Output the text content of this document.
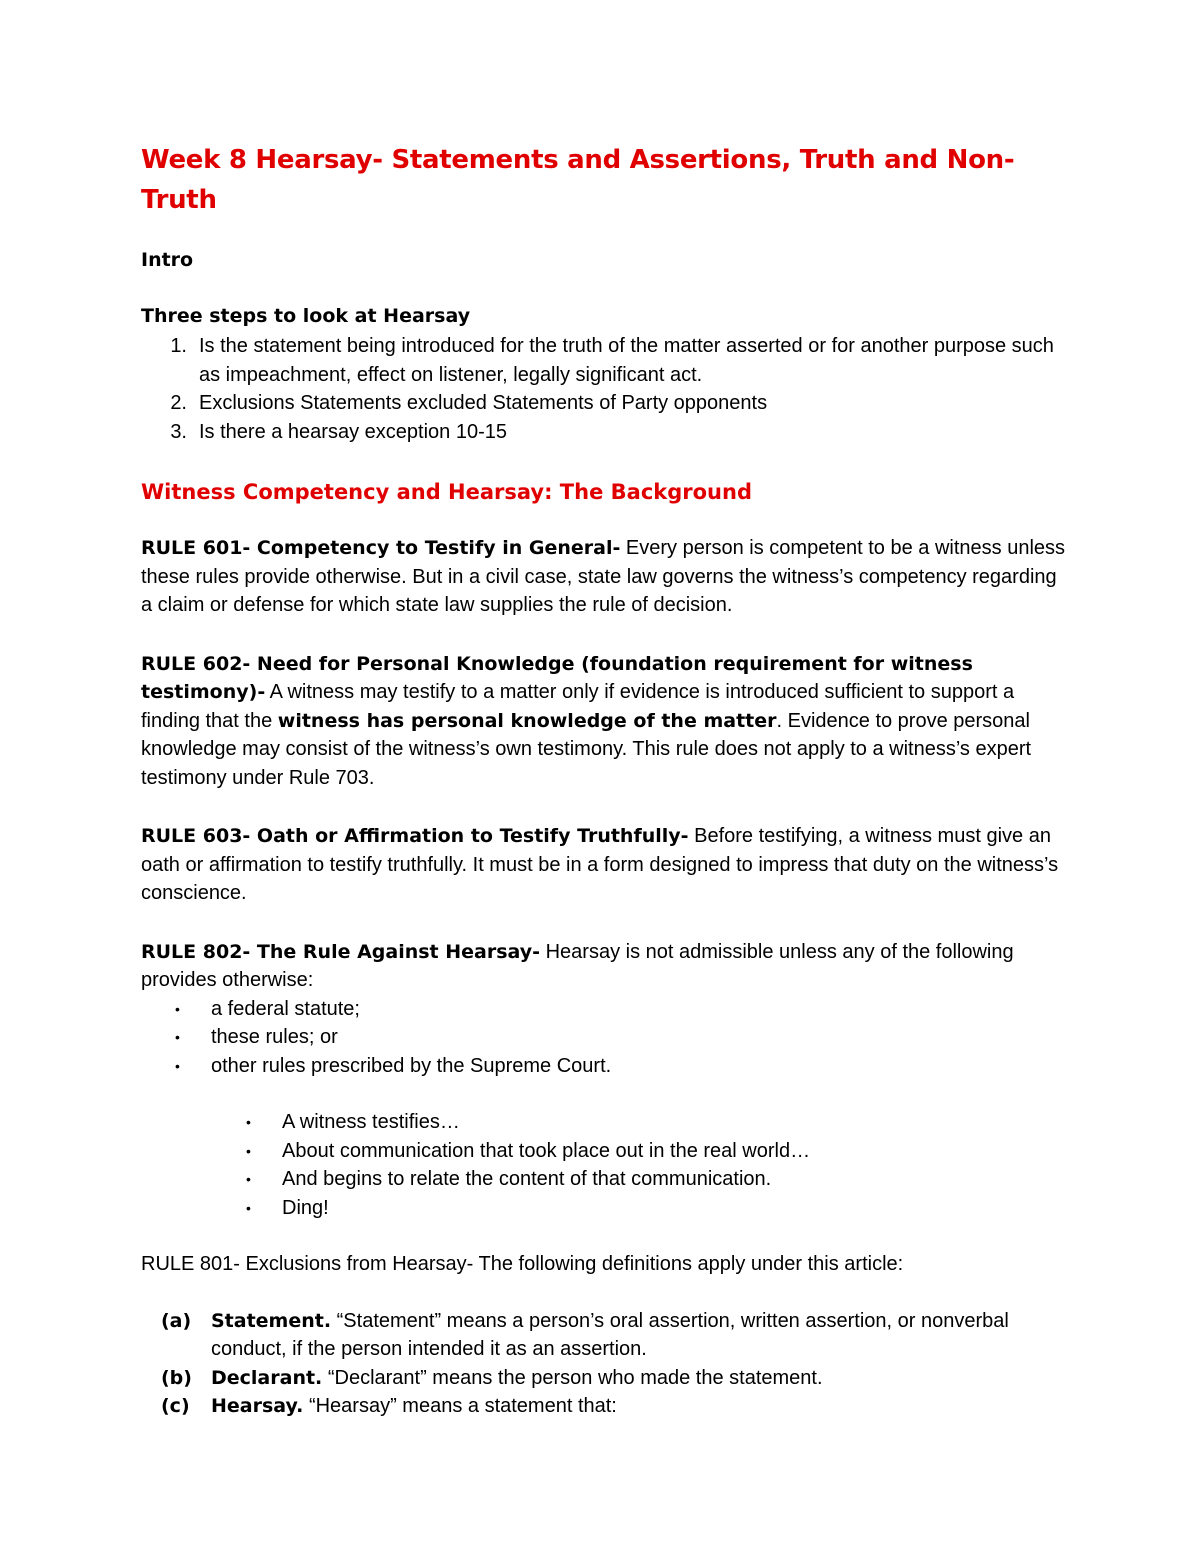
Week 8 Hearsay- Statements and Assertions, Truth and Non-Truth
Intro
Three steps to look at Hearsay
1. Is the statement being introduced for the truth of the matter asserted or for another purpose such as impeachment, effect on listener, legally significant act.
2. Exclusions Statements excluded Statements of Party opponents
3. Is there a hearsay exception 10-15
Witness Competency and Hearsay: The Background

RULE 601- Competency to Testify in General- Every person is competent to be a witness unless these rules provide otherwise. But in a civil case, state law governs the witness’s competency regarding a claim or defense for which state law supplies the rule of decision.

RULE 602- Need for Personal Knowledge (foundation requirement for witness testimony)- A witness may testify to a matter only if evidence is introduced sufficient to support a finding that the witness has personal knowledge of the matter. Evidence to prove personal knowledge may consist of the witness’s own testimony. This rule does not apply to a witness’s expert testimony under Rule 703.

RULE 603- Oath or Affirmation to Testify Truthfully- Before testifying, a witness must give an oath or affirmation to testify truthfully. It must be in a form designed to impress that duty on the witness’s conscience.

RULE 802- The Rule Against Hearsay- Hearsay is not admissible unless any of the following provides otherwise:

•	a federal statute;
•	these rules; or
•	other rules prescribed by the Supreme Court.
•	A witness testifies…
•	About communication that took place out in the real world…
•	And begins to relate the content of that communication.
•	Ding!

RULE 801- Exclusions from Hearsay- The following definitions apply under this article:

(a)	Statement. “Statement” means a person’s oral assertion, written assertion, or nonverbal conduct, if the person intended it as an assertion.
(b)	Declarant. “Declarant” means the person who made the statement.
(c)	Hearsay. “Hearsay” means a statement that:
